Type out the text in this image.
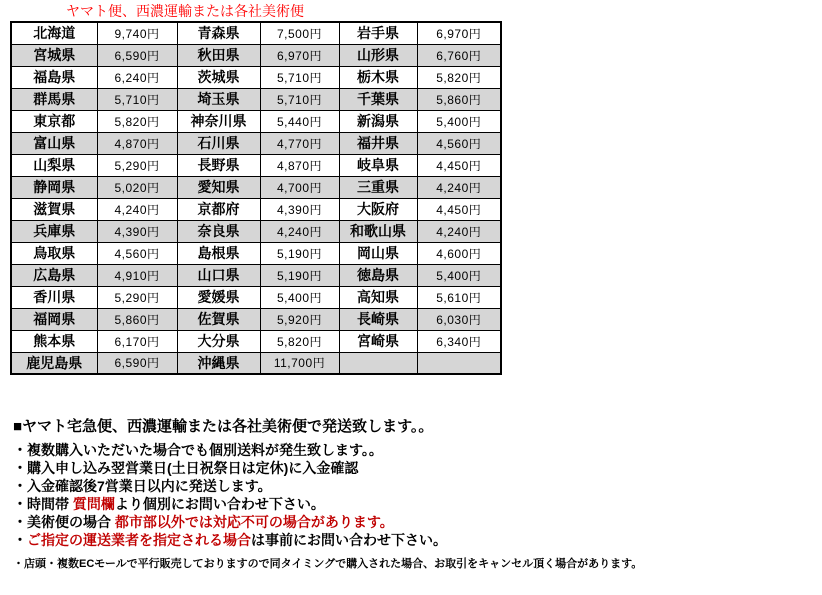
ヤマト便、西濃運輸または各社美術便
北海道	9,740円	青森県	7,500円	岩手県	6,970円
宮城県	6,590円	秋田県	6,970円	山形県	6,760円
福島県	6,240円	茨城県	5,710円	栃木県	5,820円
群馬県	5,710円	埼玉県	5,710円	千葉県	5,860円
東京都	5,820円	神奈川県	5,440円	新潟県	5,400円
富山県	4,870円	石川県	4,770円	福井県	4,560円
山梨県	5,290円	長野県	4,870円	岐阜県	4,450円
静岡県	5,020円	愛知県	4,700円	三重県	4,240円
滋賀県	4,240円	京都府	4,390円	大阪府	4,450円
兵庫県	4,390円	奈良県	4,240円	和歌山県	4,240円
鳥取県	4,560円	島根県	5,190円	岡山県	4,600円
広島県	4,910円	山口県	5,190円	徳島県	5,400円
香川県	5,290円	愛媛県	5,400円	高知県	5,610円
福岡県	5,860円	佐賀県	5,920円	長崎県	6,030円
熊本県	6,170円	大分県	5,820円	宮崎県	6,340円
鹿児島県	6,590円	沖縄県	11,700円		
■ヤマト宅急便、西濃運輸または各社美術便で発送致します。。
・複数購入いただいた場合でも個別送料が発生致します。。
・購入申し込み翌営業日(土日祝祭日は定休)に入金確認
・入金確認後7営業日以内に発送します。
・時間帯 質問欄より個別にお問い合わせ下さい。
・美術便の場合 都市部以外では対応不可の場合があります。
・ご指定の運送業者を指定される場合は事前にお問い合わせ下さい。
・店頭・複数ECモールで平行販売しておりますので同タイミングで購入された場合、お取引をキャンセル頂く場合があります。
